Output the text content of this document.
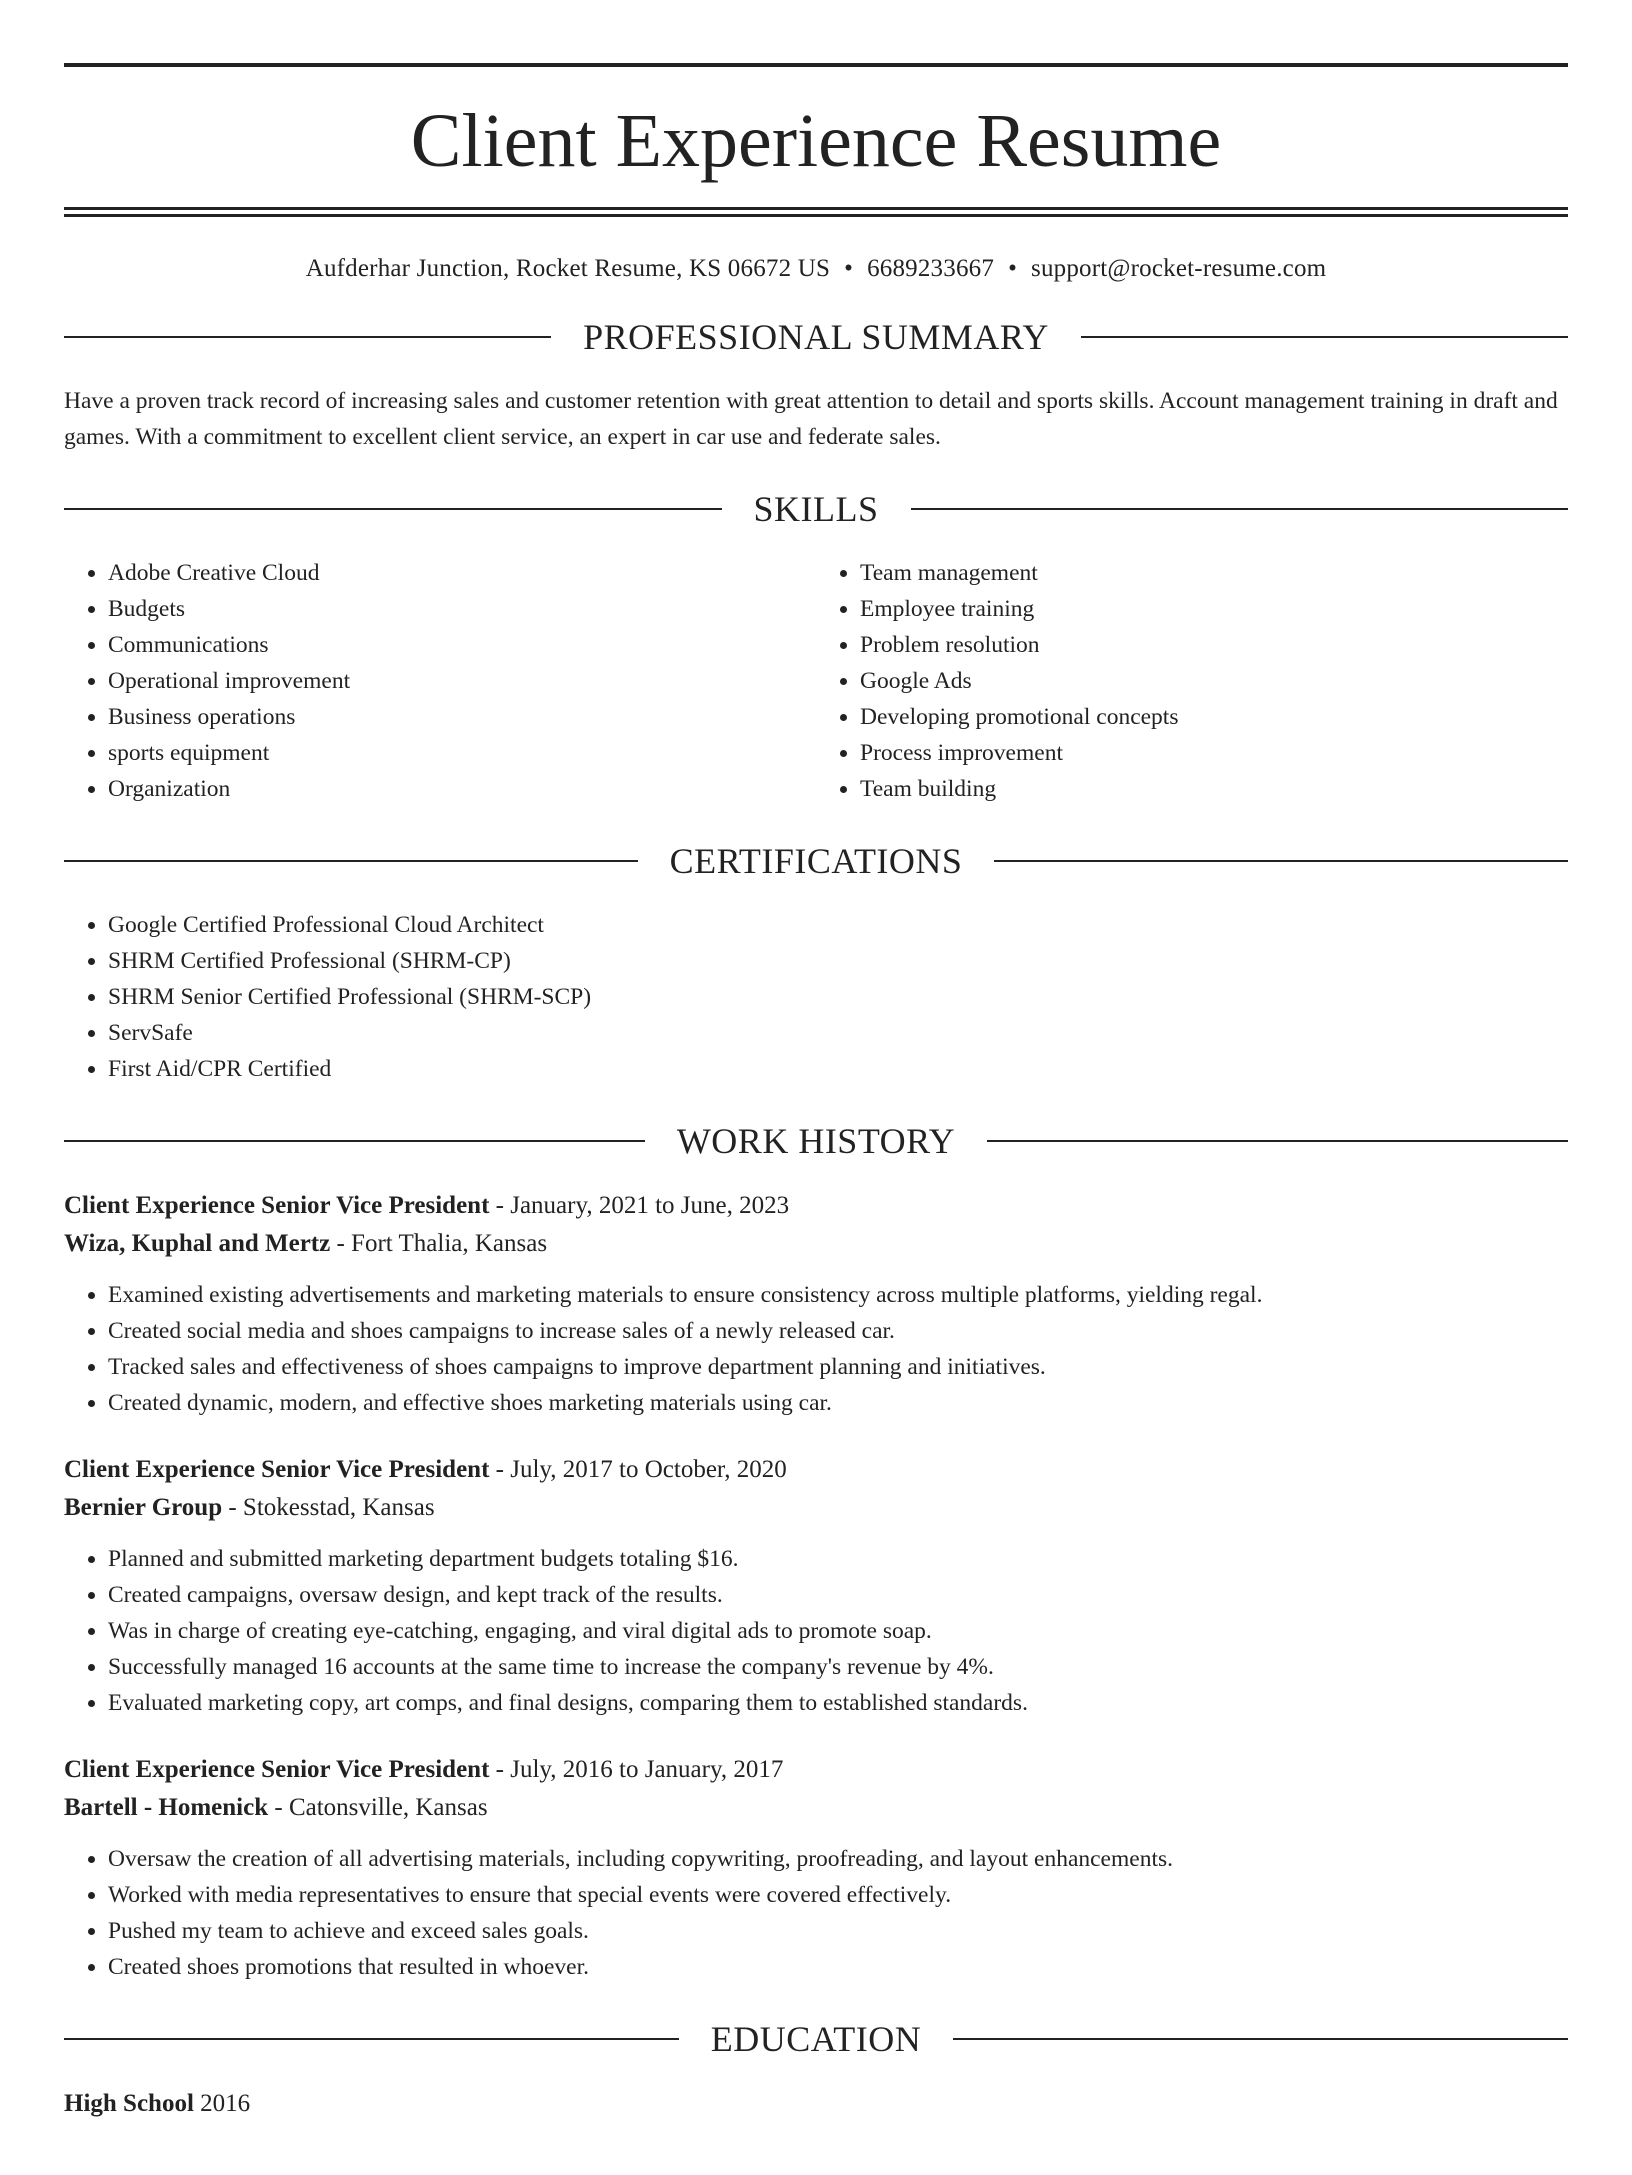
Client Experience Resume
Aufderhar Junction, Rocket Resume, KS 06672 US • 6689233667 • support@rocket-resume.com
PROFESSIONAL SUMMARY
Have a proven track record of increasing sales and customer retention with great attention to detail and sports skills. Account management training in draft and games. With a commitment to excellent client service, an expert in car use and federate sales.
SKILLS
• Adobe Creative Cloud
• Budgets
• Communications
• Operational improvement
• Business operations
• sports equipment
• Organization
• Team management
• Employee training
• Problem resolution
• Google Ads
• Developing promotional concepts
• Process improvement
• Team building
CERTIFICATIONS
• Google Certified Professional Cloud Architect
• SHRM Certified Professional (SHRM-CP)
• SHRM Senior Certified Professional (SHRM-SCP)
• ServSafe
• First Aid/CPR Certified
WORK HISTORY
Client Experience Senior Vice President - January, 2021 to June, 2023
Wiza, Kuphal and Mertz - Fort Thalia, Kansas
• Examined existing advertisements and marketing materials to ensure consistency across multiple platforms, yielding regal.
• Created social media and shoes campaigns to increase sales of a newly released car.
• Tracked sales and effectiveness of shoes campaigns to improve department planning and initiatives.
• Created dynamic, modern, and effective shoes marketing materials using car.
Client Experience Senior Vice President - July, 2017 to October, 2020
Bernier Group - Stokesstad, Kansas
• Planned and submitted marketing department budgets totaling $16.
• Created campaigns, oversaw design, and kept track of the results.
• Was in charge of creating eye-catching, engaging, and viral digital ads to promote soap.
• Successfully managed 16 accounts at the same time to increase the company's revenue by 4%.
• Evaluated marketing copy, art comps, and final designs, comparing them to established standards.
Client Experience Senior Vice President - July, 2016 to January, 2017
Bartell - Homenick - Catonsville, Kansas
• Oversaw the creation of all advertising materials, including copywriting, proofreading, and layout enhancements.
• Worked with media representatives to ensure that special events were covered effectively.
• Pushed my team to achieve and exceed sales goals.
• Created shoes promotions that resulted in whoever.
EDUCATION
High School 2016
